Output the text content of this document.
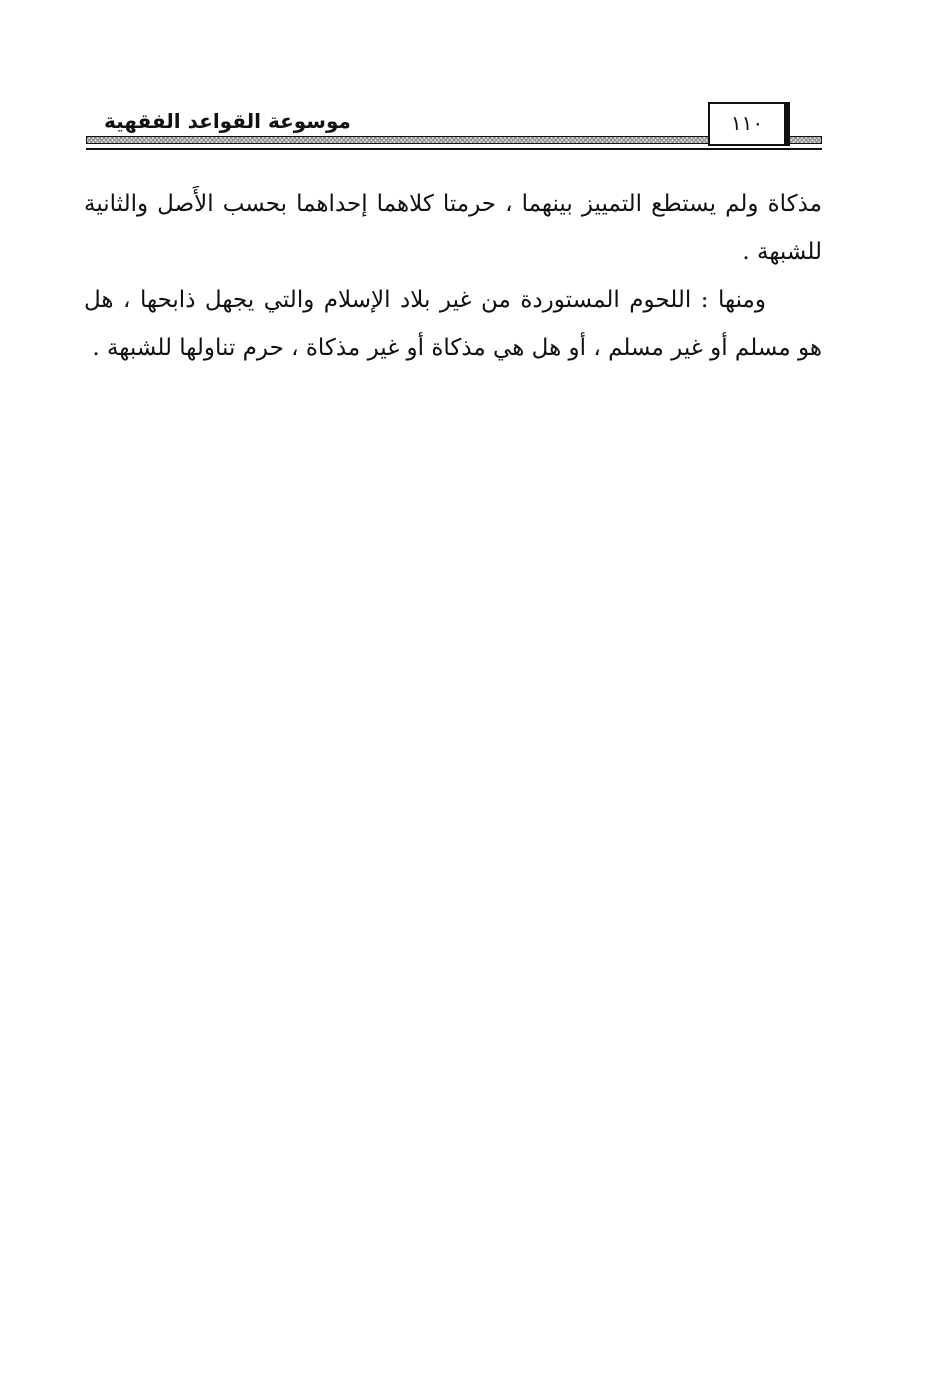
موسوعة القواعد الفقهية	١١٠

مذكاة ولم يستطع التمييز بينهما ، حرمتا كلاهما إحداهما بحسب الأَصل والثانية للشبهة .

ومنها : اللحوم المستوردة من غير بلاد الإسلام والتي يجهل ذابحها ، هل هو مسلم أو غير مسلم ، أو هل هي مذكاة أو غير مذكاة ، حرم تناولها للشبهة .
